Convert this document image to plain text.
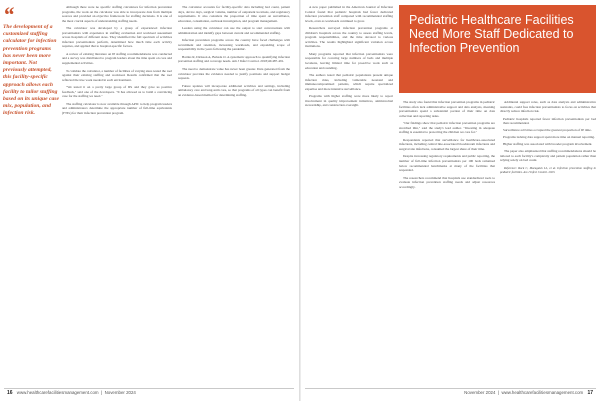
“
The development of a customized staffing calculator for infection prevention programs has never been more important. Not previously attempted, this facility-specific approach allows each facility to tailor staffing based on its unique case mix, population, and infection risk.

Although there were no specific staffing calculators for infection prevention programs, the work on the calculator was able to incorporate data from multiple sources and provided an objective framework for staffing decisions. It is one of the most crucial aspects of understanding staffing needs.

The calculator was developed by a group of experienced infection preventionists with experience in staffing evaluation and workload assessment across hospitals of different sizes. They identified the full spectrum of activities infection preventionists perform, determined how much time each activity requires, and applied that to hospital-specific factors.

A review of existing literature on IP staffing recommendations was conducted and a survey was distributed to program leaders about the time spent on core and supplemental activities.

To validate the calculator, a number of facilities of varying sizes tested the tool against their existing staffing and workload. Results confirmed that the tool reflected the true work needed in each environment.

"We tested it on a pretty large group of IPs and they gave us positive feedback," said one of the developers. "It has allowed us to build a convincing case for the staffing we need."

The staffing calculator is now available through APIC to help program leaders and administrators determine the appropriate number of full-time equivalents (FTEs) for their infection prevention program.

The calculator accounts for facility-specific data including bed count, patient days, device days, surgical volume, number of outpatient locations, and regulatory requirements. It also considers the proportion of time spent on surveillance, education, consultation, outbreak investigation, and program management.

Leaders using the calculator can use the output to start conversations with administration and identify gaps between current and recommended staffing.

Infection prevention programs across the country have faced challenges with recruitment and retention, increasing workloads, and expanding scope of responsibility in the years following the pandemic.

Bartles R, Dickson A, Babade O. A systematic approach to quantifying infection prevention staffing and coverage needs. Am J Infect Control. 2018;46:487-491.

The need to demonstrate value has never been greater. Data generated from the calculator provides the evidence needed to justify positions and support budget requests.

Future updates will incorporate additional activities and settings, including ambulatory care and long-term care, so that programs of all types can benefit from an evidence-based method for determining staffing.

16 www.healthcarefacilitiesmanagement.com  |  November 2024

A new paper published in the American Journal of Infection Control found that pediatric hospitals had fewer dedicated infection prevention staff compared with recommended staffing levels, even as workloads continued to grow.

Researchers surveyed infection prevention programs at children's hospitals across the country to assess staffing levels, program responsibilities, and the time devoted to various activities. The results highlighted significant variation across institutions.

Many programs reported that infection preventionists were responsible for covering large numbers of beds and multiple locations, leaving limited time for proactive work such as education and rounding.

The authors noted that pediatric populations present unique infection risks, including vulnerable neonatal and immunocompromised patients, which require specialized expertise and more intensive surveillance.

Programs with higher staffing were more likely to report involvement in quality improvement initiatives, antimicrobial stewardship, and construction oversight.

Pediatric Healthcare Facilities Need More Staff Dedicated to Infection Prevention

The study also found that infection prevention programs in pediatric facilities often lack administrative support and data analysts, meaning preventionists spend a substantial portion of their time on data collection and reporting tasks.

"Our findings show that pediatric infection prevention programs are stretched thin," said the study's lead author. "Investing in adequate staffing is essential to protecting the children we care for."

Respondents reported that surveillance for healthcare-associated infections, including central line-associated bloodstream infections and surgical site infections, consumed the largest share of their time.

Despite increasing regulatory requirements and public reporting, the number of full-time infection preventionists per 100 beds remained below recommended benchmarks at many of the facilities that responded.

The researchers recommend that hospitals use standardized tools to evaluate infection prevention staffing needs and adjust resources accordingly.

Additional support roles, such as data analysts and administrative assistants, could free infection preventionists to focus on activities that directly reduce infection risk.

• Pediatric hospitals reported fewer infection preventionists per bed than recommended.
• Surveillance activities occupied the greatest proportion of IP time.
• Programs lacking data support spent more time on manual reporting.
• Higher staffing was associated with broader program involvement.

The paper also emphasized that staffing recommendations should be tailored to each facility's complexity and patient population rather than relying solely on bed count.

Reference: Rock C, Maragakis LL, et al. Infection prevention staffing in pediatric facilities. Am J Infect Control. 2023.

November 2024  |  www.healthcarefacilitiesmanagement.com 17
